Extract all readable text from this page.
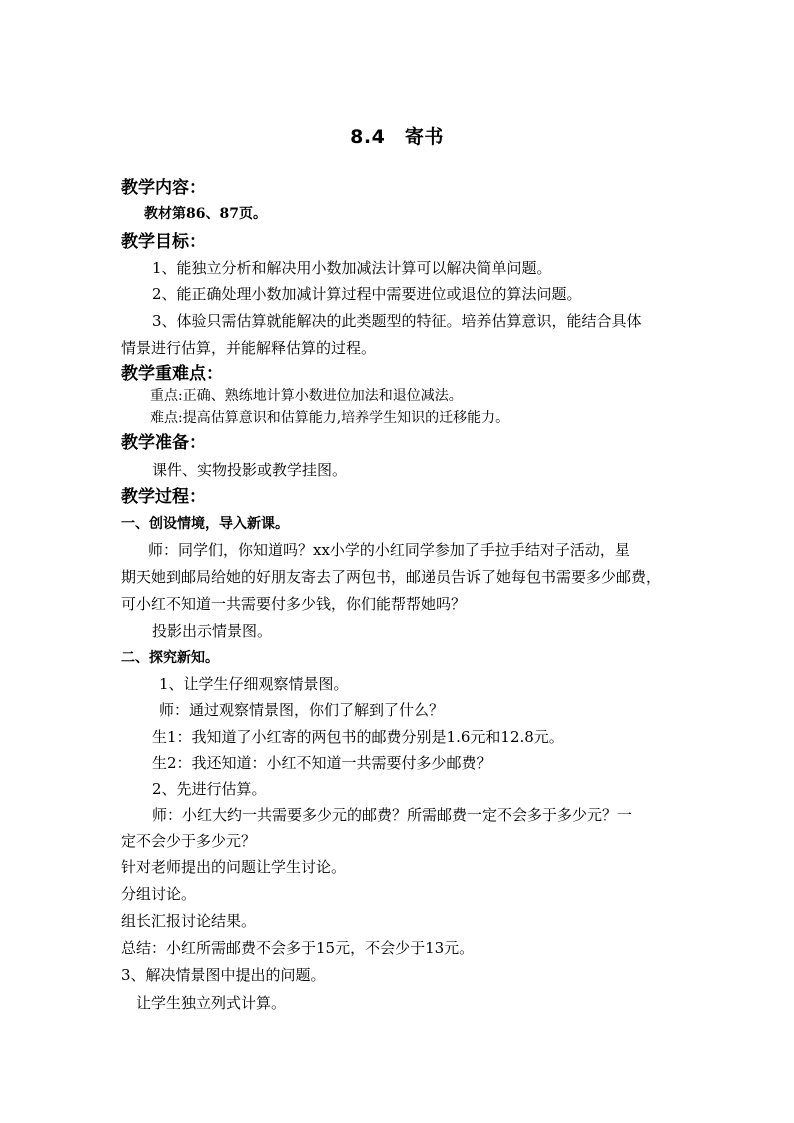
8.4　寄书
教学内容：
教材第86、87页。
教学目标：
1、能独立分析和解决用小数加减法计算可以解决简单问题。
2、能正确处理小数加减计算过程中需要进位或退位的算法问题。
3、体验只需估算就能解决的此类题型的特征。培养估算意识，能结合具体
情景进行估算，并能解释估算的过程。
教学重难点：
重点:正确、熟练地计算小数进位加法和退位减法。
难点:提高估算意识和估算能力,培养学生知识的迁移能力。
教学准备：
课件、实物投影或教学挂图。
教学过程：
一、创设情境，导入新课。
师：同学们，你知道吗？xx小学的小红同学参加了手拉手结对子活动，星
期天她到邮局给她的好朋友寄去了两包书，邮递员告诉了她每包书需要多少邮费，
可小红不知道一共需要付多少钱，你们能帮帮她吗？
投影出示情景图。
二、探究新知。
1、让学生仔细观察情景图。
师：通过观察情景图，你们了解到了什么？
生1：我知道了小红寄的两包书的邮费分别是1.6元和12.8元。
生2：我还知道：小红不知道一共需要付多少邮费？
2、先进行估算。
师：小红大约一共需要多少元的邮费？所需邮费一定不会多于多少元？一
定不会少于多少元？
针对老师提出的问题让学生讨论。
分组讨论。
组长汇报讨论结果。
总结：小红所需邮费不会多于15元，不会少于13元。
3、解决情景图中提出的问题。
让学生独立列式计算。
